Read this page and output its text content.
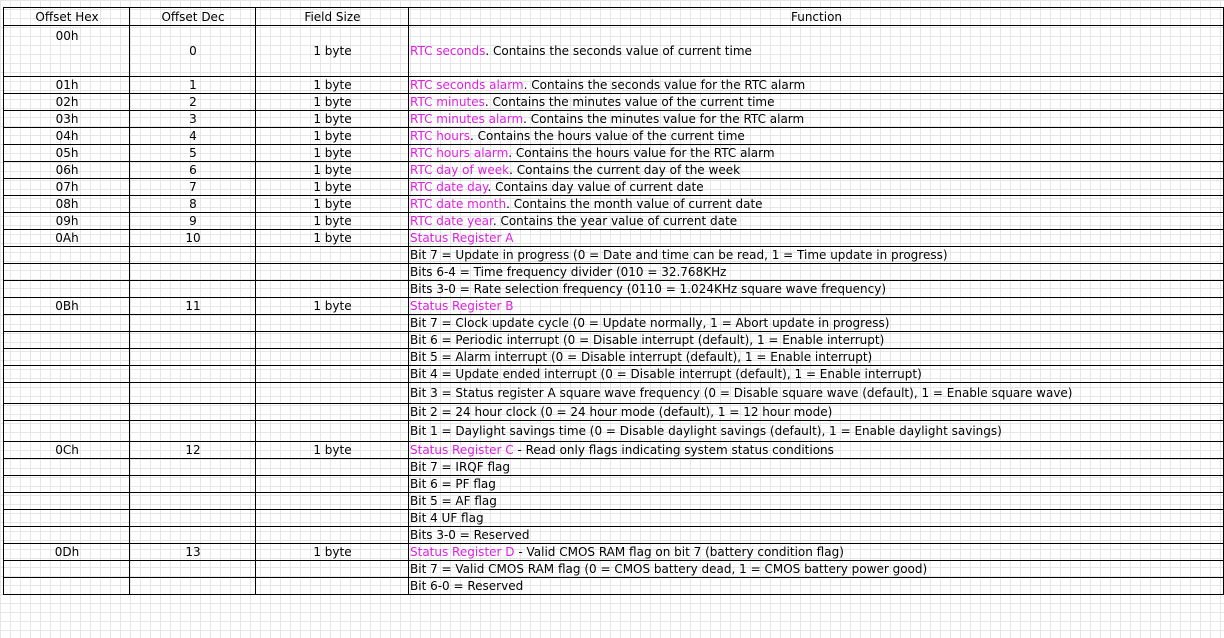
Offset Hex	Offset Dec	Field Size	Function
00h	0	1 byte	RTC seconds. Contains the seconds value of current time
01h	1	1 byte	RTC seconds alarm. Contains the seconds value for the RTC alarm
02h	2	1 byte	RTC minutes. Contains the minutes value of the current time
03h	3	1 byte	RTC minutes alarm. Contains the minutes value for the RTC alarm
04h	4	1 byte	RTC hours. Contains the hours value of the current time
05h	5	1 byte	RTC hours alarm. Contains the hours value for the RTC alarm
06h	6	1 byte	RTC day of week. Contains the current day of the week
07h	7	1 byte	RTC date day. Contains day value of current date
08h	8	1 byte	RTC date month. Contains the month value of current date
09h	9	1 byte	RTC date year. Contains the year value of current date
0Ah	10	1 byte	Status Register A
			Bit 7 = Update in progress (0 = Date and time can be read, 1 = Time update in progress)
			Bits 6-4 = Time frequency divider (010 = 32.768KHz
			Bits 3-0 = Rate selection frequency (0110 = 1.024KHz square wave frequency)
0Bh	11	1 byte	Status Register B
			Bit 7 = Clock update cycle (0 = Update normally, 1 = Abort update in progress)
			Bit 6 = Periodic interrupt (0 = Disable interrupt (default), 1 = Enable interrupt)
			Bit 5 = Alarm interrupt (0 = Disable interrupt (default), 1 = Enable interrupt)
			Bit 4 = Update ended interrupt (0 = Disable interrupt (default), 1 = Enable interrupt)
			Bit 3 = Status register A square wave frequency (0 = Disable square wave (default), 1 = Enable square wave)
			Bit 2 = 24 hour clock (0 = 24 hour mode (default), 1 = 12 hour mode)
			Bit 1 = Daylight savings time (0 = Disable daylight savings (default), 1 = Enable daylight savings)
0Ch	12	1 byte	Status Register C - Read only flags indicating system status conditions
			Bit 7 = IRQF flag
			Bit 6 = PF flag
			Bit 5 = AF flag
			Bit 4 UF flag
			Bits 3-0 = Reserved
0Dh	13	1 byte	Status Register D - Valid CMOS RAM flag on bit 7 (battery condition flag)
			Bit 7 = Valid CMOS RAM flag (0 = CMOS battery dead, 1 = CMOS battery power good)
			Bit 6-0 = Reserved
